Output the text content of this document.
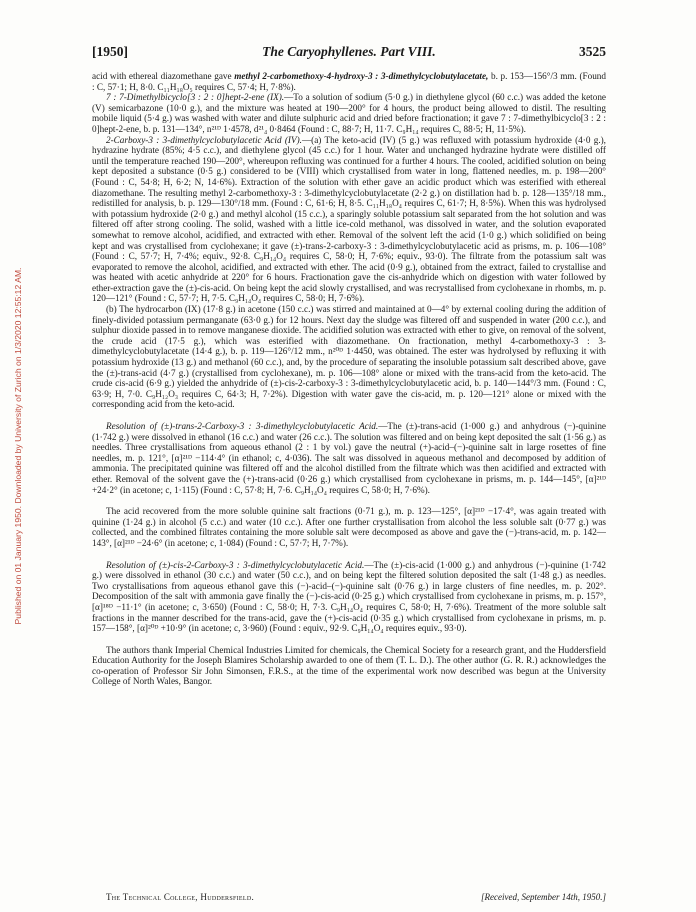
Published on 01 January 1950. Downloaded by University of Zurich on 1/3/2020 12:55:12 AM.
[1950]	The Caryophyllenes. Part VIII.	3525

acid with ethereal diazomethane gave methyl 2-carbomethoxy-4-hydroxy-3 : 3-dimethylcyclobutylacetate, b. p. 153—156°/3 mm. (Found : C, 57·1; H, 8·0. C₁₁H₁₈O₅ requires C, 57·4; H, 7·8%).

7 : 7-Dimethylbicyclo[3 : 2 : 0]hept-2-ene (IX).—To a solution of sodium (5·0 g.) in diethylene glycol (60 c.c.) was added the ketone (V) semicarbazone (10·0 g.), and the mixture was heated at 190—200° for 4 hours, the product being allowed to distil. The resulting mobile liquid (5·4 g.) was washed with water and dilute sulphuric acid and dried before fractionation; it gave 7 : 7-dimethylbicyclo[3 : 2 : 0]hept-2-ene, b. p. 131—134°, n²¹ᴰ 1·4578, d²¹₄ 0·8464 (Found : C, 88·7; H, 11·7. C₉H₁₄ requires C, 88·5; H, 11·5%).

2-Carboxy-3 : 3-dimethylcyclobutylacetic Acid (IV).—(a) The keto-acid (IV) (5 g.) was refluxed with potassium hydroxide (4·0 g.), hydrazine hydrate (85%; 4·5 c.c.), and diethylene glycol (45 c.c.) for 1 hour. Water and unchanged hydrazine hydrate were distilled off until the temperature reached 190—200°, whereupon refluxing was continued for a further 4 hours. The cooled, acidified solution on being kept deposited a substance (0·5 g.) considered to be (VIII) which crystallised from water in long, flattened needles, m. p. 198—200° (Found : C, 54·8; H, 6·2; N, 14·6%). Extraction of the solution with ether gave an acidic product which was esterified with ethereal diazomethane. The resulting methyl 2-carbomethoxy-3 : 3-dimethylcyclobutylacetate (2·2 g.) on distillation had b. p. 128—135°/18 mm., redistilled for analysis, b. p. 129—130°/18 mm. (Found : C, 61·6; H, 8·5. C₁₁H₁₈O₄ requires C, 61·7; H, 8·5%). When this was hydrolysed with potassium hydroxide (2·0 g.) and methyl alcohol (15 c.c.), a sparingly soluble potassium salt separated from the hot solution and was filtered off after strong cooling. The solid, washed with a little ice-cold methanol, was dissolved in water, and the solution evaporated somewhat to remove alcohol, acidified, and extracted with ether. Removal of the solvent left the acid (1·0 g.) which solidified on being kept and was crystallised from cyclohexane; it gave (±)-trans-2-carboxy-3 : 3-dimethylcyclobutylacetic acid as prisms, m. p. 106—108° (Found : C, 57·7; H, 7·4%; equiv., 92·8. C₉H₁₄O₄ requires C, 58·0; H, 7·6%; equiv., 93·0). The filtrate from the potassium salt was evaporated to remove the alcohol, acidified, and extracted with ether. The acid (0·9 g.), obtained from the extract, failed to crystallise and was heated with acetic anhydride at 220° for 6 hours. Fractionation gave the cis-anhydride which on digestion with water followed by ether-extraction gave the (±)-cis-acid. On being kept the acid slowly crystallised, and was recrystallised from cyclohexane in rhombs, m. p. 120—121° (Found : C, 57·7; H, 7·5. C₉H₁₄O₄ requires C, 58·0; H, 7·6%).

(b) The hydrocarbon (IX) (17·8 g.) in acetone (150 c.c.) was stirred and maintained at 0—4° by external cooling during the addition of finely-divided potassium permanganate (63·0 g.) for 12 hours. Next day the sludge was filtered off and suspended in water (200 c.c.), and sulphur dioxide passed in to remove manganese dioxide. The acidified solution was extracted with ether to give, on removal of the solvent, the crude acid (17·5 g.), which was esterified with diazomethane. On fractionation, methyl 4-carbomethoxy-3 : 3-dimethylcyclobutylacetate (14·4 g.), b. p. 119—126°/12 mm., n²⁰ᴰ 1·4450, was obtained. The ester was hydrolysed by refluxing it with potassium hydroxide (13 g.) and methanol (60 c.c.), and, by the procedure of separating the insoluble potassium salt described above, gave the (±)-trans-acid (4·7 g.) (crystallised from cyclohexane), m. p. 106—108° alone or mixed with the trans-acid from the keto-acid. The crude cis-acid (6·9 g.) yielded the anhydride of (±)-cis-2-carboxy-3 : 3-dimethylcyclobutylacetic acid, b. p. 140—144°/3 mm. (Found : C, 63·9; H, 7·0. C₉H₁₂O₃ requires C, 64·3; H, 7·2%). Digestion with water gave the cis-acid, m. p. 120—121° alone or mixed with the corresponding acid from the keto-acid.

Resolution of (±)-trans-2-Carboxy-3 : 3-dimethylcyclobutylacetic Acid.—The (±)-trans-acid (1·000 g.) and anhydrous (−)-quinine (1·742 g.) were dissolved in ethanol (16 c.c.) and water (26 c.c.). The solution was filtered and on being kept deposited the salt (1·56 g.) as needles. Three crystallisations from aqueous ethanol (2 : 1 by vol.) gave the neutral (+)-acid–(−)-quinine salt in large rosettes of fine needles, m. p. 121°, [α]²¹ᴰ −114·4° (in ethanol; c, 4·036). The salt was dissolved in aqueous methanol and decomposed by addition of ammonia. The precipitated quinine was filtered off and the alcohol distilled from the filtrate which was then acidified and extracted with ether. Removal of the solvent gave the (+)-trans-acid (0·26 g.) which crystallised from cyclohexane in prisms, m. p. 144—145°, [α]²¹ᴰ +24·2° (in acetone; c, 1·115) (Found : C, 57·8; H, 7·6. C₉H₁₄O₄ requires C, 58·0; H, 7·6%).

The acid recovered from the more soluble quinine salt fractions (0·71 g.), m. p. 123—125°, [α]²¹ᴰ −17·4°, was again treated with quinine (1·24 g.) in alcohol (5 c.c.) and water (10 c.c.). After one further crystallisation from alcohol the less soluble salt (0·77 g.) was collected, and the combined filtrates containing the more soluble salt were decomposed as above and gave the (−)-trans-acid, m. p. 142—143°, [α]²¹ᴰ −24·6° (in acetone; c, 1·084) (Found : C, 57·7; H, 7·7%).

Resolution of (±)-cis-2-Carboxy-3 : 3-dimethylcyclobutylacetic Acid.—The (±)-cis-acid (1·000 g.) and anhydrous (−)-quinine (1·742 g.) were dissolved in ethanol (30 c.c.) and water (50 c.c.), and on being kept the filtered solution deposited the salt (1·48 g.) as needles. Two crystallisations from aqueous ethanol gave this (−)-acid–(−)-quinine salt (0·76 g.) in large clusters of fine needles, m. p. 202°. Decomposition of the salt with ammonia gave finally the (−)-cis-acid (0·25 g.) which crystallised from cyclohexane in prisms, m. p. 157°, [α]¹⁸ᴰ −11·1° (in acetone; c, 3·650) (Found : C, 58·0; H, 7·3. C₉H₁₄O₄ requires C, 58·0; H, 7·6%). Treatment of the more soluble salt fractions in the manner described for the trans-acid, gave the (+)-cis-acid (0·35 g.) which crystallised from cyclohexane in prisms, m. p. 157—158°, [α]²⁰ᴰ +10·9° (in acetone; c, 3·960) (Found : equiv., 92·9. C₉H₁₄O₄ requires equiv., 93·0).

The authors thank Imperial Chemical Industries Limited for chemicals, the Chemical Society for a research grant, and the Huddersfield Education Authority for the Joseph Blamires Scholarship awarded to one of them (T. L. D.). The other author (G. R. R.) acknowledges the co-operation of Professor Sir John Simonsen, F.R.S., at the time of the experimental work now described was begun at the University College of North Wales, Bangor.

The Technical College, Huddersfield.	[Received, September 14th, 1950.]
